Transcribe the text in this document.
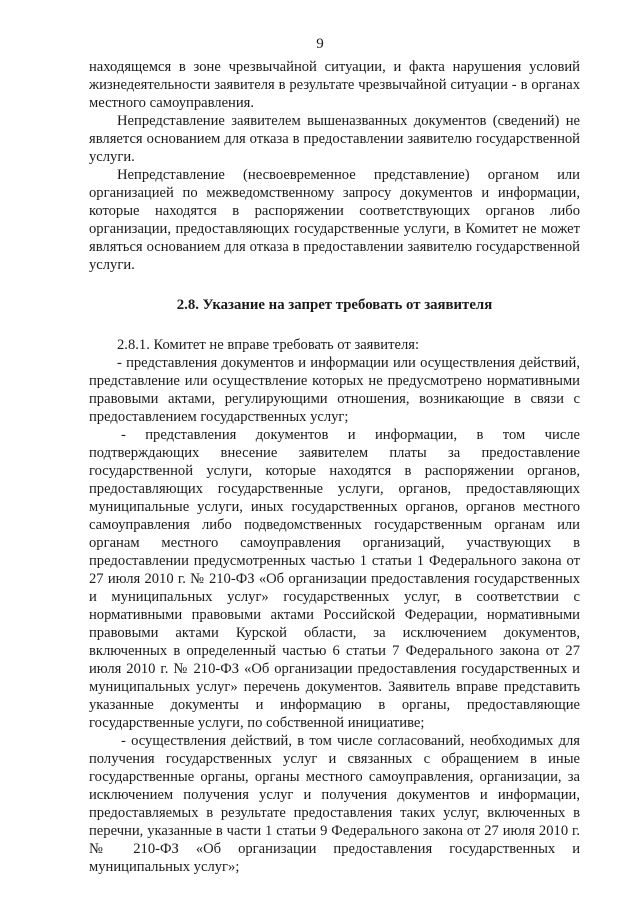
9

находящемся в зоне чрезвычайной ситуации, и факта нарушения условий жизнедеятельности заявителя в результате чрезвычайной ситуации - в органах местного самоуправления.

Непредставление заявителем вышеназванных документов (сведений) не является основанием для отказа в предоставлении заявителю государственной услуги.

Непредставление (несвоевременное представление) органом или организацией по межведомственному запросу документов и информации, которые находятся в распоряжении соответствующих органов либо организации, предоставляющих государственные услуги, в Комитет не может являться основанием для отказа в предоставлении заявителю государственной услуги.

2.8. Указание на запрет требовать от заявителя

2.8.1. Комитет не вправе требовать от заявителя:

- представления документов и информации или осуществления действий, представление или осуществление которых не предусмотрено нормативными правовыми актами, регулирующими отношения, возникающие в связи с предоставлением государственных услуг;

- представления документов и информации, в том числе подтверждающих внесение заявителем платы за предоставление государственной услуги, которые находятся в распоряжении органов, предоставляющих государственные услуги, органов, предоставляющих муниципальные услуги, иных государственных органов, органов местного самоуправления либо подведомственных государственным органам или органам местного самоуправления организаций, участвующих в предоставлении предусмотренных частью 1 статьи 1 Федерального закона от 27 июля 2010 г. № 210-ФЗ «Об организации предоставления государственных и муниципальных услуг» государственных услуг, в соответствии с нормативными правовыми актами Российской Федерации, нормативными правовыми актами Курской области, за исключением документов, включенных в определенный частью 6 статьи 7 Федерального закона от 27 июля 2010 г. № 210-ФЗ «Об организации предоставления государственных и муниципальных услуг» перечень документов. Заявитель вправе представить указанные документы и информацию в органы, предоставляющие государственные услуги, по собственной инициативе;

- осуществления действий, в том числе согласований, необходимых для получения государственных услуг и связанных с обращением в иные государственные органы, органы местного самоуправления, организации, за исключением получения услуг и получения документов и информации, предоставляемых в результате предоставления таких услуг, включенных в перечни, указанные в части 1 статьи 9 Федерального закона от 27 июля 2010 г. № 210-ФЗ «Об организации предоставления государственных и муниципальных услуг»;
